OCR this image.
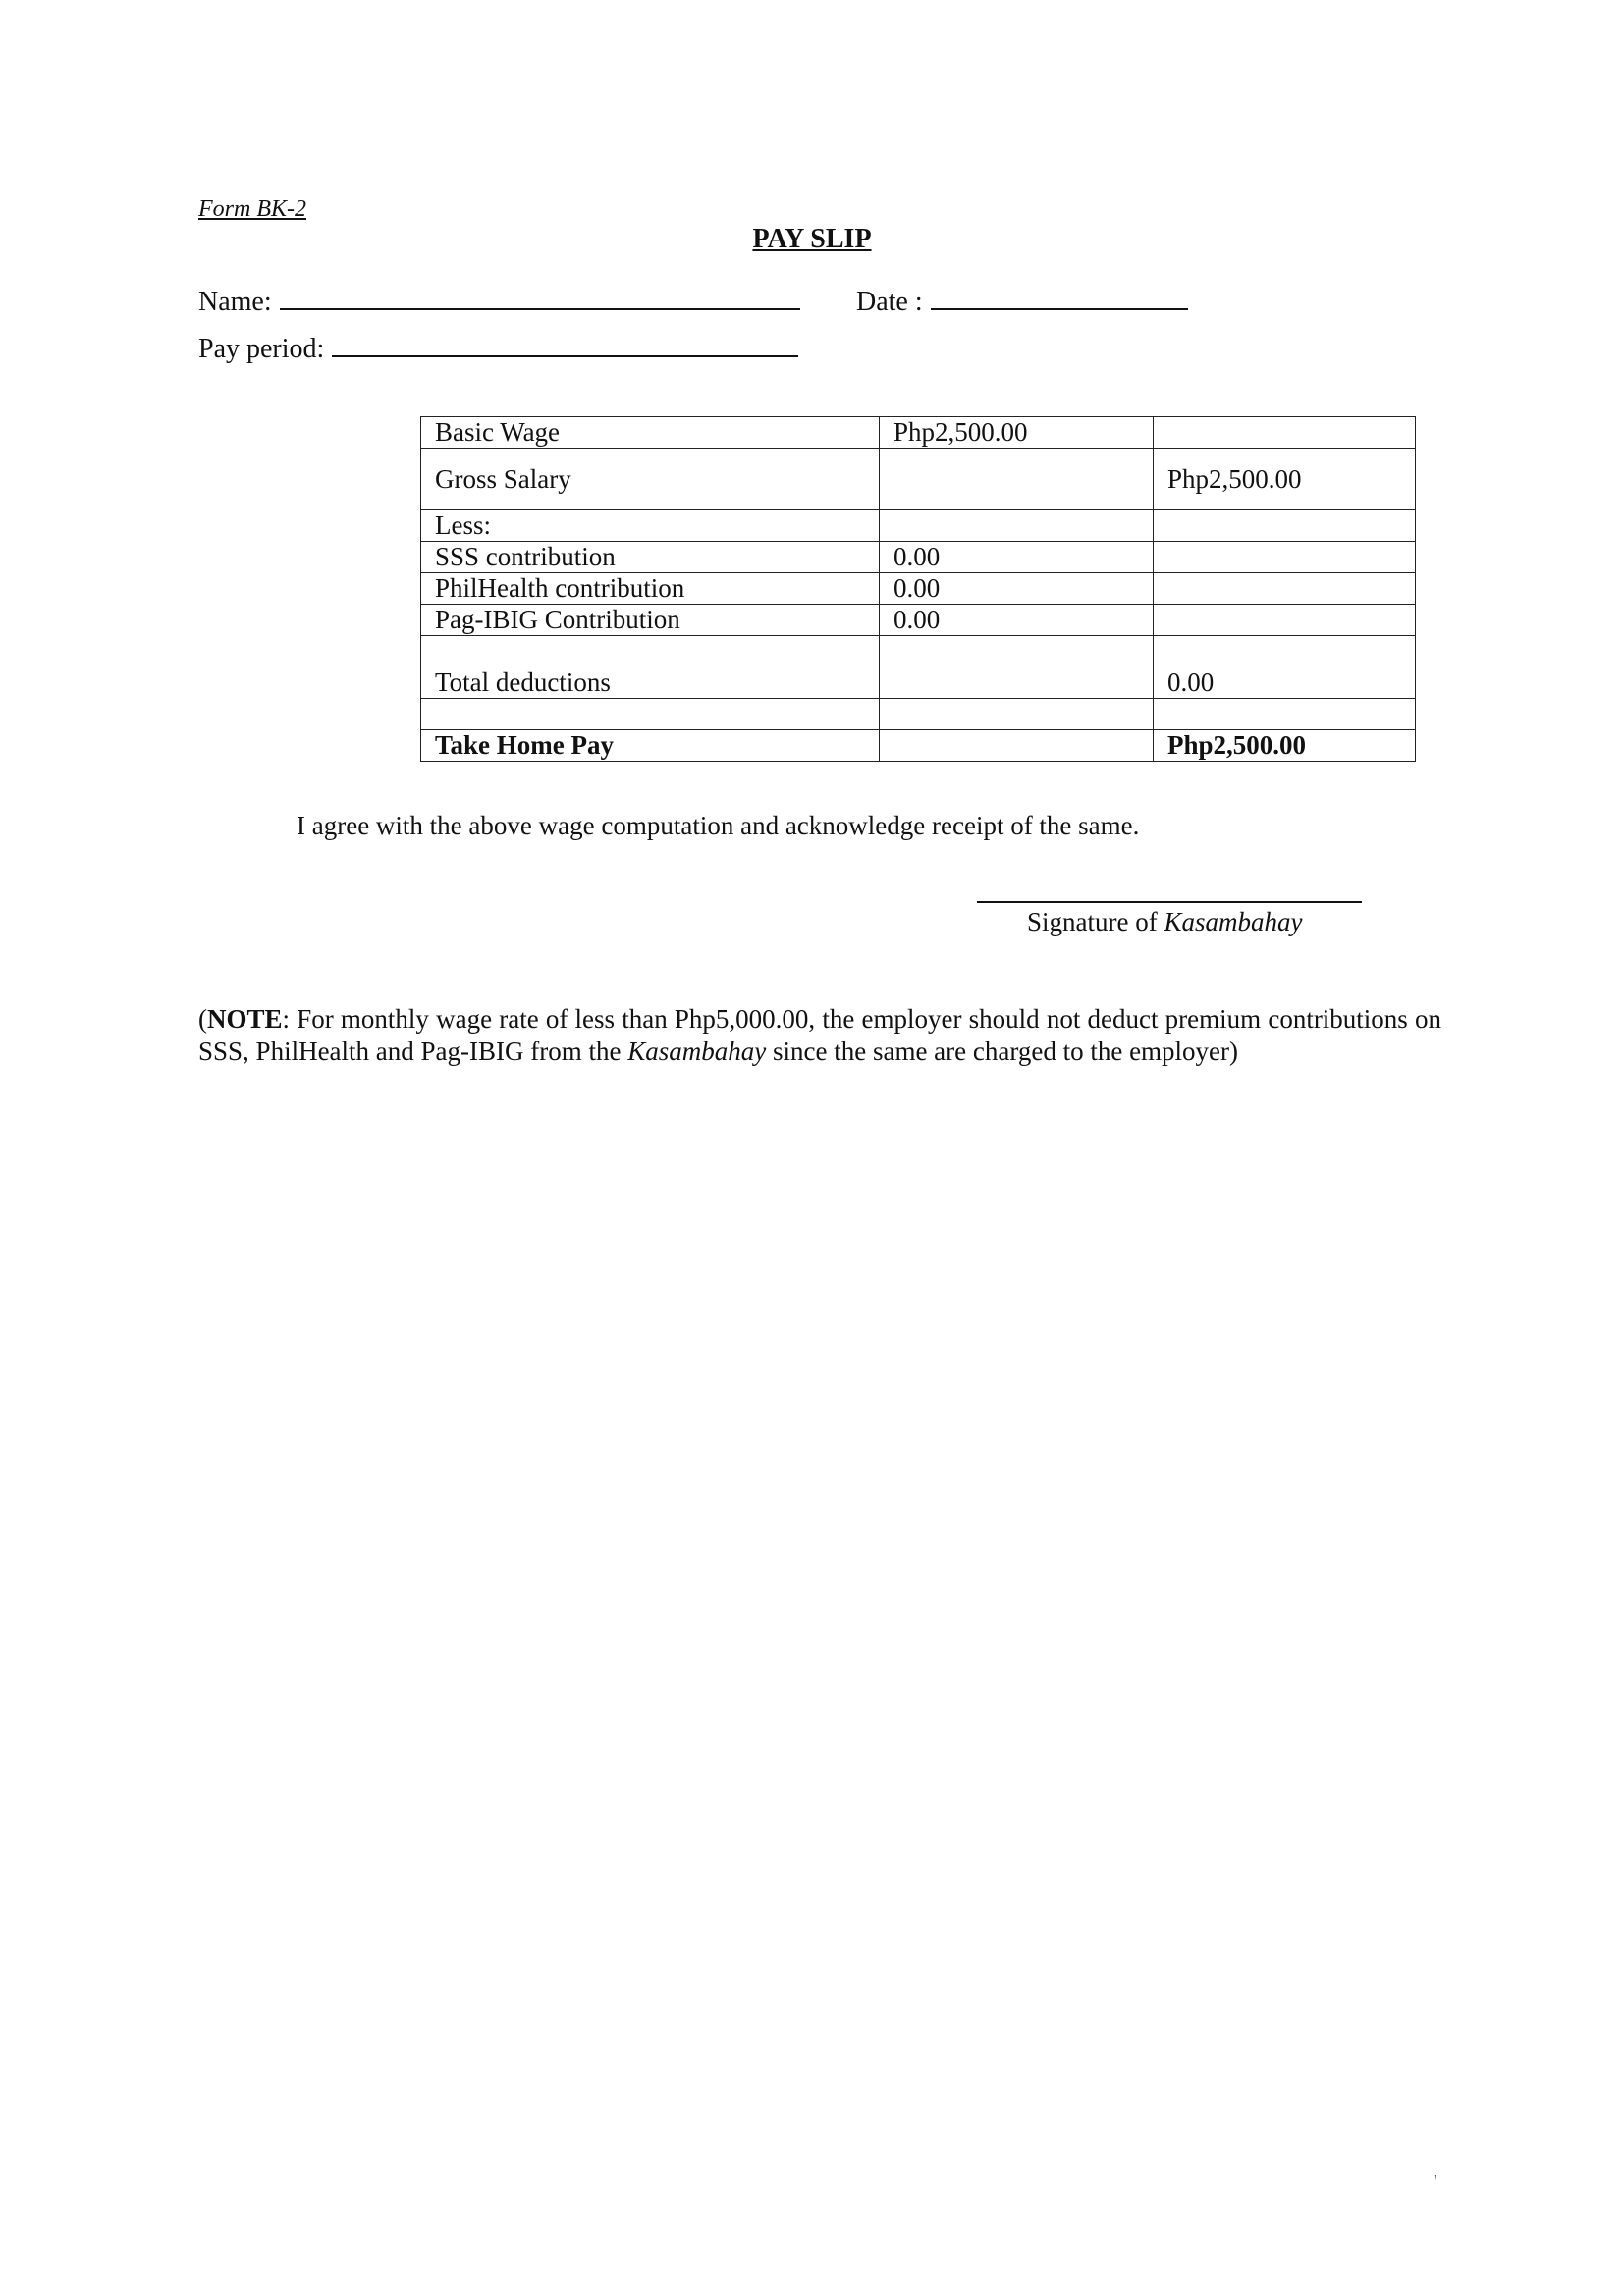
Form BK-2
PAY SLIP
Name:	Date :
Pay period:
Basic Wage	Php2,500.00	
Gross Salary		Php2,500.00
Less:		
SSS contribution	0.00	
PhilHealth contribution	0.00	
Pag-IBIG Contribution	0.00	

Total deductions		0.00

Take Home Pay		Php2,500.00
I agree with the above wage computation and acknowledge receipt of the same.
Signature of Kasambahay
(NOTE: For monthly wage rate of less than Php5,000.00, the employer should not deduct premium contributions on SSS, PhilHealth and Pag-IBIG from the Kasambahay since the same are charged to the employer)
'
